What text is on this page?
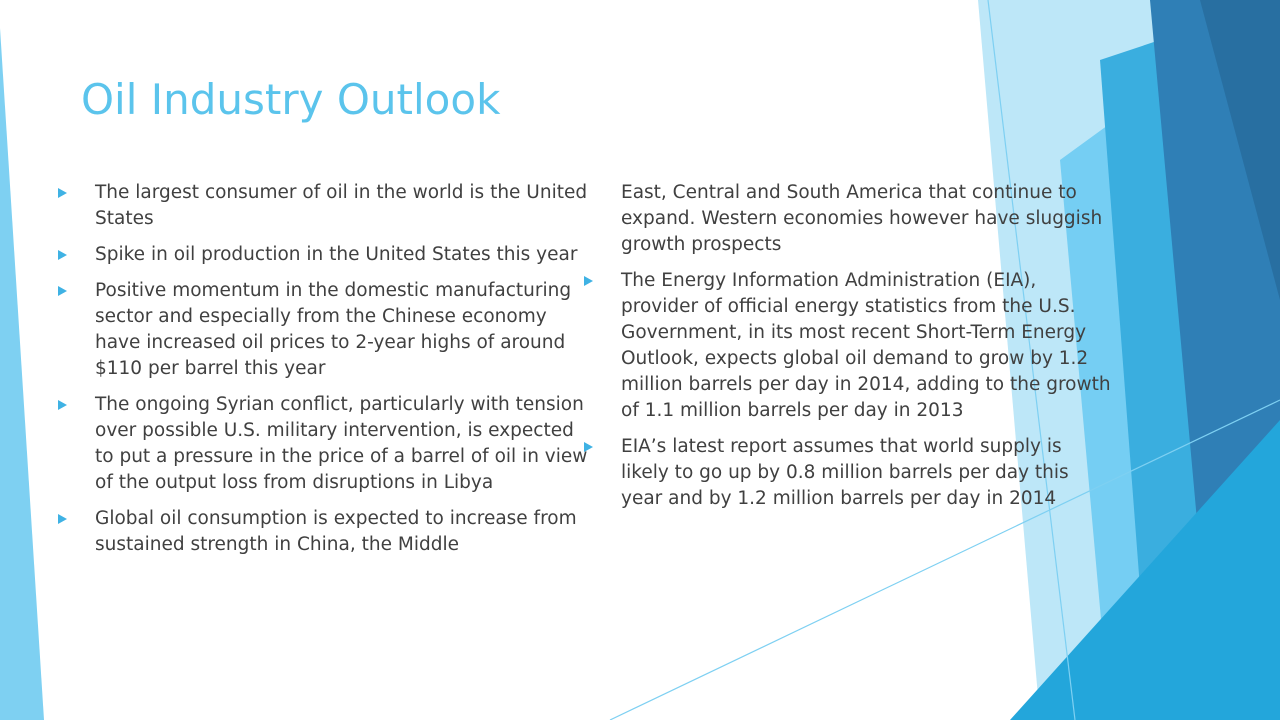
Oil Industry Outlook
The largest consumer of oil in the world is the United States
Spike in oil production in the United States this year
Positive momentum in the domestic manufacturing sector and especially from the Chinese economy have increased oil prices to 2-year highs of around $110 per barrel this year
The ongoing Syrian conflict, particularly with tension over possible U.S. military intervention, is expected to put a pressure in the price of a barrel of oil in view of the output loss from disruptions in Libya
Global oil consumption is expected to increase from sustained strength in China, the Middle
East, Central and South America that continue to expand. Western economies however have sluggish growth prospects
The Energy Information Administration (EIA), provider of official energy statistics from the U.S. Government, in its most recent Short-Term Energy Outlook, expects global oil demand to grow by 1.2 million barrels per day in 2014, adding to the growth of 1.1 million barrels per day in 2013
EIA’s latest report assumes that world supply is likely to go up by 0.8 million barrels per day this year and by 1.2 million barrels per day in 2014
